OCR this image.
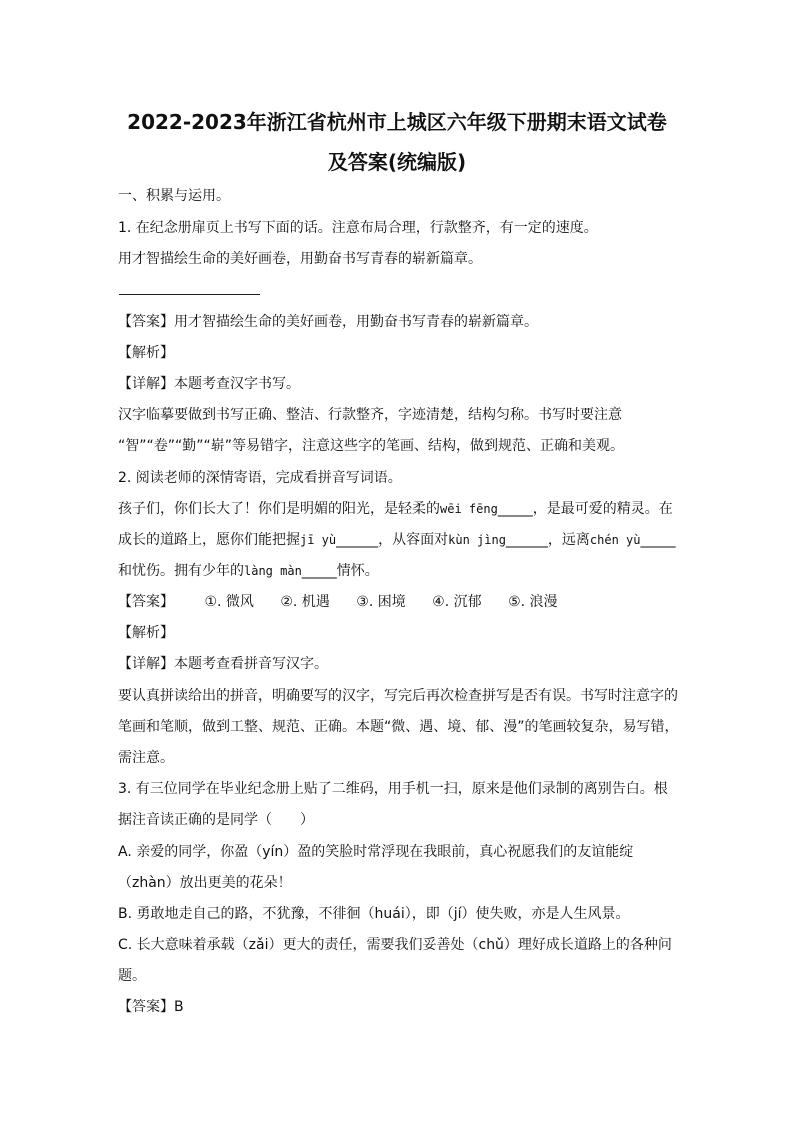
2022-2023年浙江省杭州市上城区六年级下册期末语文试卷
及答案(统编版)
一、积累与运用。
1. 在纪念册扉页上书写下面的话。注意布局合理，行款整齐，有一定的速度。
用才智描绘生命的美好画卷，用勤奋书写青春的崭新篇章。
【答案】用才智描绘生命的美好画卷，用勤奋书写青春的崭新篇章。
【解析】
【详解】本题考查汉字书写。
汉字临摹要做到书写正确、整洁、行款整齐，字迹清楚，结构匀称。书写时要注意
“智”“卷”“勤”“崭”等易错字，注意这些字的笔画、结构，做到规范、正确和美观。
2. 阅读老师的深情寄语，完成看拼音写词语。
孩子们，你们长大了！你们是明媚的阳光，是轻柔的wēi fēng_____，是最可爱的精灵。在
成长的道路上，愿你们能把握jī yù______，从容面对kùn jìng______，远离chén yù_____
和忧伤。拥有少年的làng màn_____情怀。
【答案】 ①. 微风 ②. 机遇 ③. 困境 ④. 沉郁 ⑤. 浪漫
【解析】
【详解】本题考查看拼音写汉字。
要认真拼读给出的拼音，明确要写的汉字，写完后再次检查拼写是否有误。书写时注意字的
笔画和笔顺，做到工整、规范、正确。本题“微、遇、境、郁、漫”的笔画较复杂，易写错，
需注意。
3. 有三位同学在毕业纪念册上贴了二维码，用手机一扫，原来是他们录制的离别告白。根
据注音读正确的是同学（　　）
A. 亲爱的同学，你盈（yín）盈的笑脸时常浮现在我眼前，真心祝愿我们的友谊能绽
（zhàn）放出更美的花朵！
B. 勇敢地走自己的路，不犹豫，不徘徊（huái），即（jí）使失败，亦是人生风景。
C. 长大意味着承载（zǎi）更大的责任，需要我们妥善处（chǔ）理好成长道路上的各种问
题。
【答案】B
